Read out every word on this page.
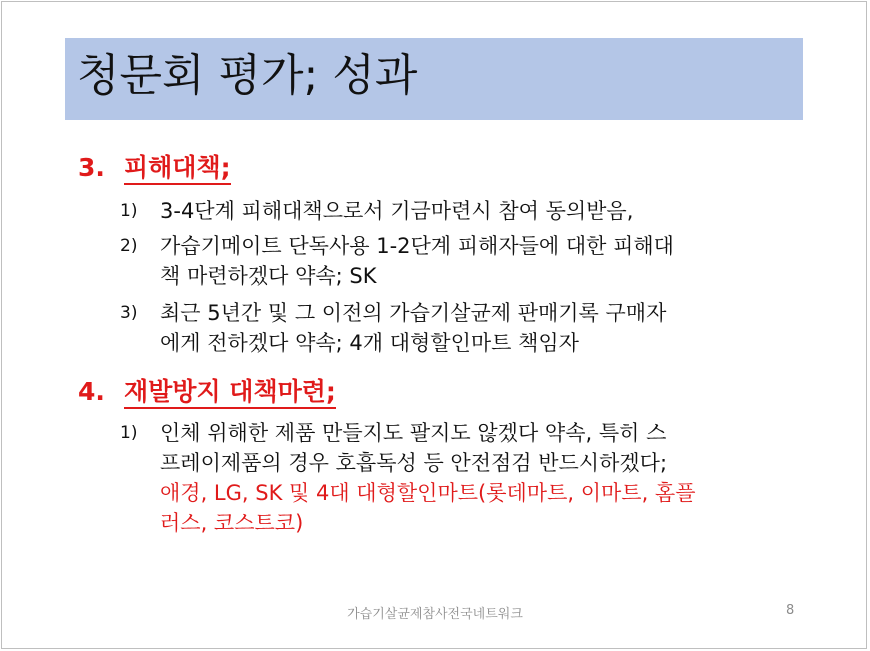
청문회 평가; 성과
3. 피해대책;
1) 3-4단계 피해대책으로서 기금마련시 참여 동의받음,
2) 가습기메이트 단독사용 1-2단계 피해자들에 대한 피해대
책 마련하겠다 약속; SK
3) 최근 5년간 및 그 이전의 가습기살균제 판매기록 구매자
에게 전하겠다 약속; 4개 대형할인마트 책임자
4. 재발방지 대책마련;
1) 인체 위해한 제품 만들지도 팔지도 않겠다 약속, 특히 스
프레이제품의 경우 호흡독성 등 안전점검 반드시하겠다;
애경, LG, SK 및 4대 대형할인마트(롯데마트, 이마트, 홈플
러스, 코스트코)
가습기살균제참사전국네트워크	8
